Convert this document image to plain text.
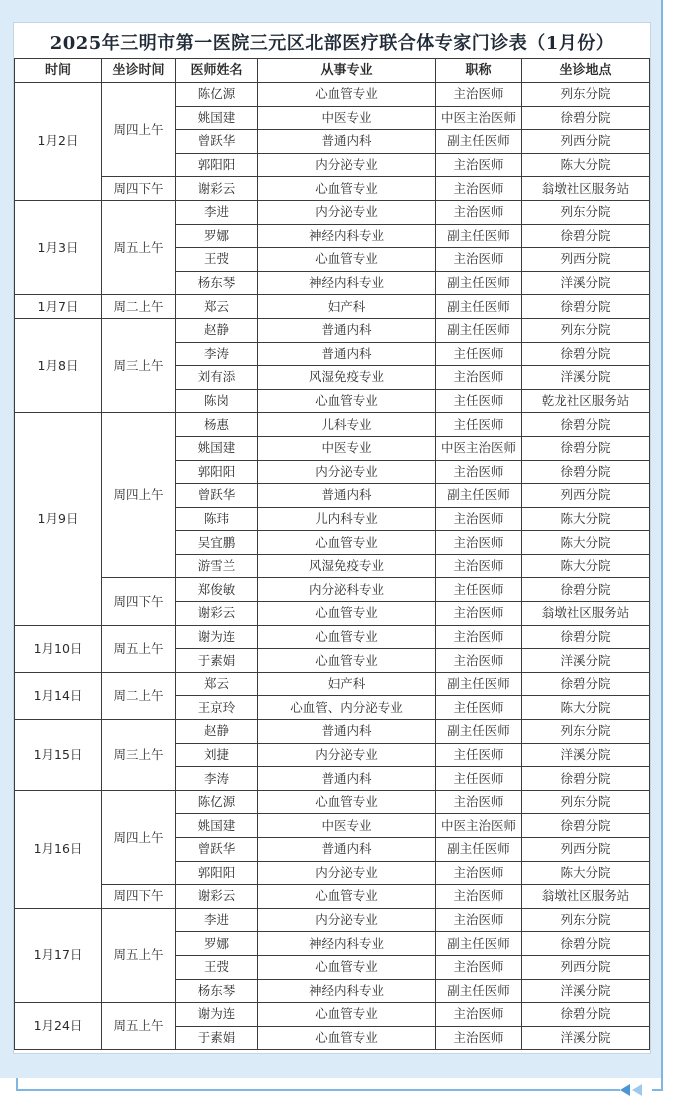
2025年三明市第一医院三元区北部医疗联合体专家门诊表（1月份）
时间	坐诊时间	医师姓名	从事专业	职称	坐诊地点
1月2日	周四上午	陈亿源	心血管专业	主治医师	列东分院
		姚国建	中医专业	中医主治医师	徐碧分院
		曾跃华	普通内科	副主任医师	列西分院
		郭阳阳	内分泌专业	主治医师	陈大分院
	周四下午	谢彩云	心血管专业	主治医师	翁墩社区服务站
1月3日	周五上午	李进	内分泌专业	主治医师	列东分院
		罗娜	神经内科专业	副主任医师	徐碧分院
		王弢	心血管专业	主治医师	列西分院
		杨东琴	神经内科专业	副主任医师	洋溪分院
1月7日	周二上午	郑云	妇产科	副主任医师	徐碧分院
1月8日	周三上午	赵静	普通内科	副主任医师	列东分院
		李涛	普通内科	主任医师	徐碧分院
		刘有添	风湿免疫专业	主治医师	洋溪分院
		陈岗	心血管专业	主任医师	乾龙社区服务站
1月9日	周四上午	杨惠	儿科专业	主任医师	徐碧分院
		姚国建	中医专业	中医主治医师	徐碧分院
		郭阳阳	内分泌专业	主治医师	徐碧分院
		曾跃华	普通内科	副主任医师	列西分院
		陈玮	儿内科专业	主治医师	陈大分院
		吴宜鹏	心血管专业	主治医师	陈大分院
		游雪兰	风湿免疫专业	主治医师	陈大分院
	周四下午	郑俊敏	内分泌科专业	主任医师	徐碧分院
		谢彩云	心血管专业	主治医师	翁墩社区服务站
1月10日	周五上午	谢为连	心血管专业	主治医师	徐碧分院
		于素娟	心血管专业	主治医师	洋溪分院
1月14日	周二上午	郑云	妇产科	副主任医师	徐碧分院
		王京玲	心血管、内分泌专业	主任医师	陈大分院
1月15日	周三上午	赵静	普通内科	副主任医师	列东分院
		刘捷	内分泌专业	主任医师	洋溪分院
		李涛	普通内科	主任医师	徐碧分院
1月16日	周四上午	陈亿源	心血管专业	主治医师	列东分院
		姚国建	中医专业	中医主治医师	徐碧分院
		曾跃华	普通内科	副主任医师	列西分院
		郭阳阳	内分泌专业	主治医师	陈大分院
	周四下午	谢彩云	心血管专业	主治医师	翁墩社区服务站
1月17日	周五上午	李进	内分泌专业	主治医师	列东分院
		罗娜	神经内科专业	副主任医师	徐碧分院
		王弢	心血管专业	主治医师	列西分院
		杨东琴	神经内科专业	副主任医师	洋溪分院
1月24日	周五上午	谢为连	心血管专业	主治医师	徐碧分院
		于素娟	心血管专业	主治医师	洋溪分院
